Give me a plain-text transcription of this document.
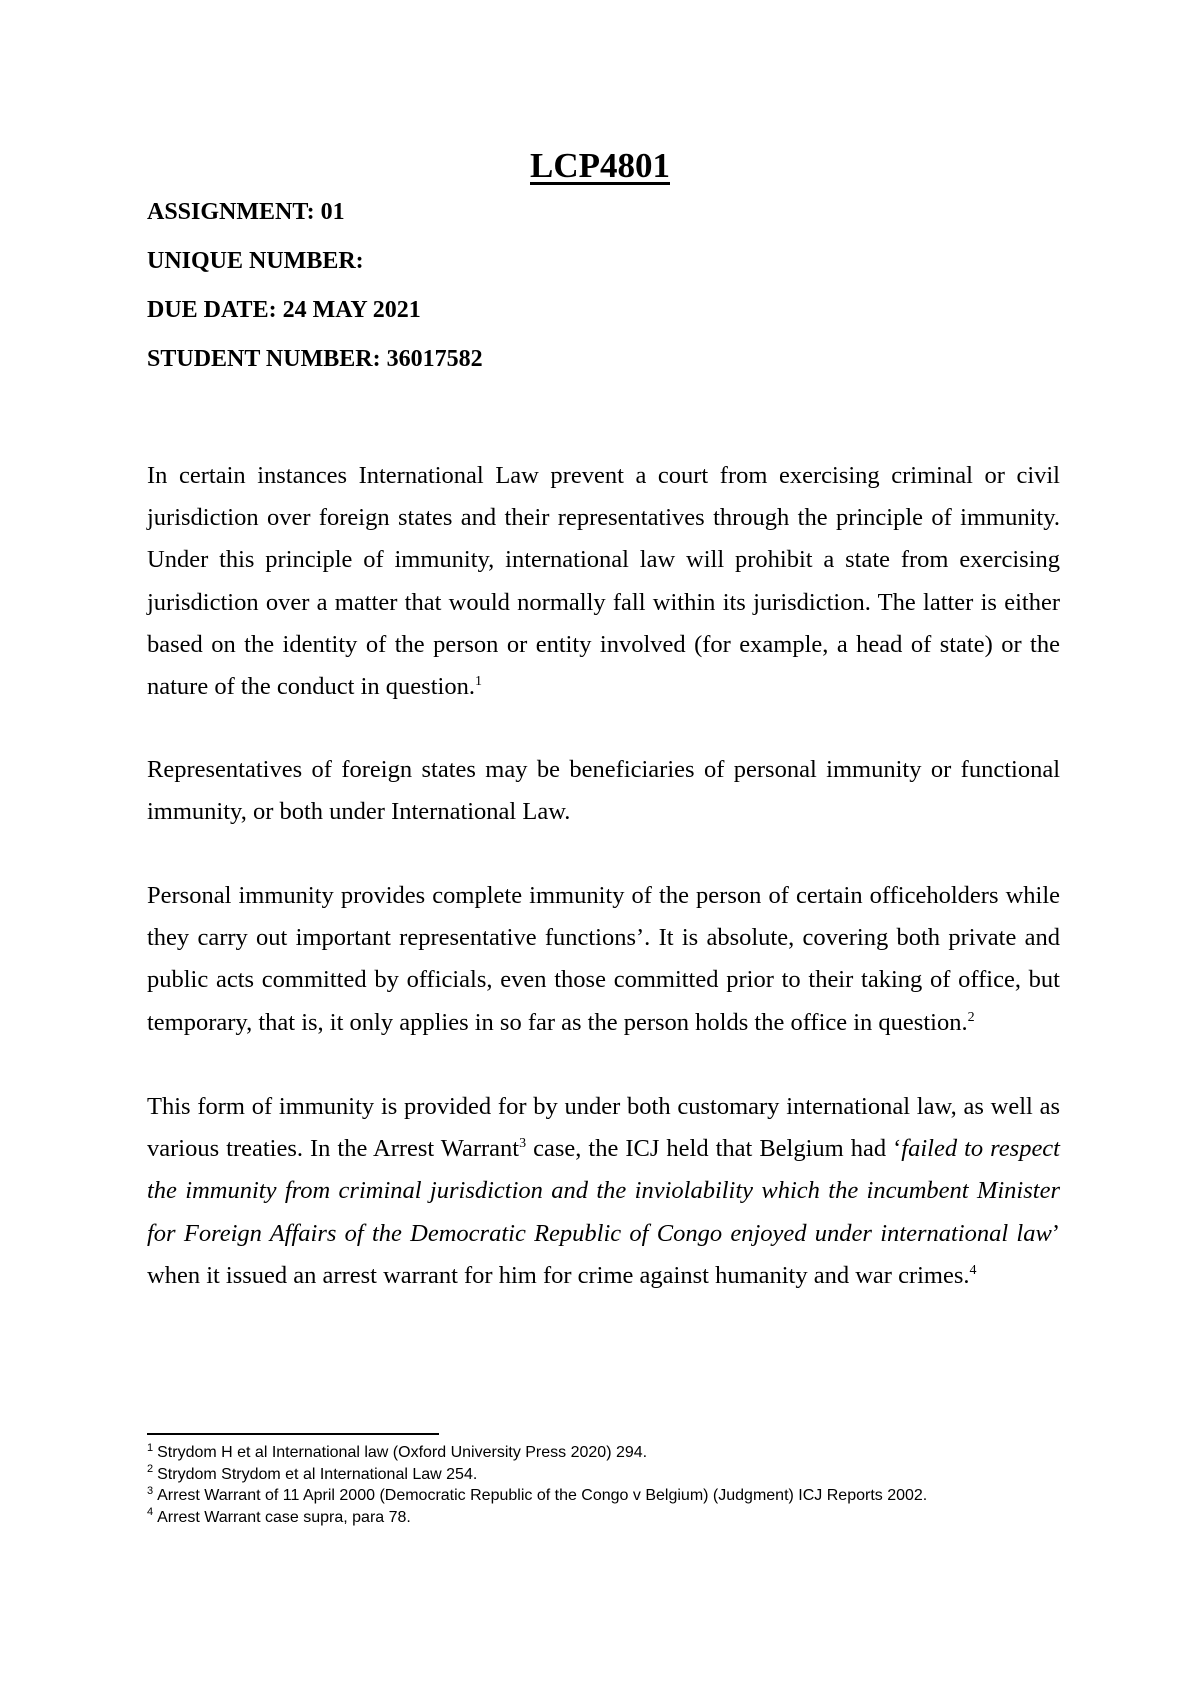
LCP4801

ASSIGNMENT: 01

UNIQUE NUMBER:

DUE DATE: 24 MAY 2021

STUDENT NUMBER: 36017582

In certain instances International Law prevent a court from exercising criminal or civil jurisdiction over foreign states and their representatives through the principle of immunity. Under this principle of immunity, international law will prohibit a state from exercising jurisdiction over a matter that would normally fall within its jurisdiction. The latter is either based on the identity of the person or entity involved (for example, a head of state) or the nature of the conduct in question.$^1$

Representatives of foreign states may be beneficiaries of personal immunity or functional immunity, or both under International Law.

Personal immunity provides complete immunity of the person of certain officeholders while they carry out important representative functions’. It is absolute, covering both private and public acts committed by officials, even those committed prior to their taking of office, but temporary, that is, it only applies in so far as the person holds the office in question.$^2$

This form of immunity is provided for by under both customary international law, as well as various treaties. In the Arrest Warrant$^3$ case, the ICJ held that Belgium had ‘failed to respect the immunity from criminal jurisdiction and the inviolability which the incumbent Minister for Foreign Affairs of the Democratic Republic of Congo enjoyed under international law’ when it issued an arrest warrant for him for crime against humanity and war crimes.$^4$

$^1$ Strydom H et al International law (Oxford University Press 2020) 294.
$^2$ Strydom Strydom et al International Law 254.
$^3$ Arrest Warrant of 11 April 2000 (Democratic Republic of the Congo v Belgium) (Judgment) ICJ Reports 2002.
$^4$ Arrest Warrant case supra, para 78.
